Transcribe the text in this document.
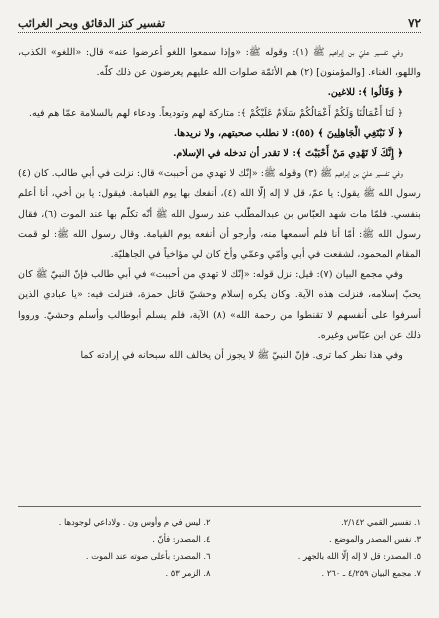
٧٢
تفسير كنز الدقائق وبحر الغرائب

وفي تفسير عليّ بن إبراهيم ﷺ (١): وقوله ﷺ: «وإذا سمعوا اللغو أعرضوا عنه» قال: «اللغو» الكذب، واللهو، الغناء. [والمؤمنون] (٢) هم الأئمّة صلوات الله عليهم يعرضون عن ذلك كلّه.

﴿ وَقَالُوا ﴾: للاغين.

﴿ لَنَا أَعْمَالُنَا وَلَكُمْ أَعْمَالُكُمْ سَلَامٌ عَلَيْكُمْ ﴾: متاركة لهم وتوديعاً. ودعاء لهم بالسلامة عمّا هم فيه.

﴿ لَا نَبْتَغِي الْجَاهِلِينَ ﴾ (٥٥): لا نطلب صحبتهم، ولا نريدها.

﴿ إِنَّكَ لَا تَهْدِي مَنْ أَحْبَبْتَ ﴾: لا تقدر أن تدخله في الإسلام.

وفي تفسير عليّ بن إبراهيم ﷺ (٣) وقوله ﷺ: «إنّك لا تهدي من أحببت» قال: نزلت في أبي طالب. كان (٤) رسول الله ﷺ يقول: يا عمّ، قل لا إله إلّا الله (٤)، أنفعك بها يوم القيامة. فيقول: يا بن أخي، أنا أعلم بنفسي. فلمّا مات شهد العبّاس بن عبدالمطّلب عند رسول الله ﷺ أنّه تكلّم بها عند الموت (٦)، فقال رسول الله ﷺ: أمّا أنا فلم أسمعها منه، وأرجو أن أنفعه يوم القيامة. وقال رسول الله ﷺ: لو قمت المقام المحمود، لشفعت في أبي وأمّي وعمّي وأخ كان لي مؤاخياً في الجاهليّة.

وفي مجمع البيان (٧): قيل: نزل قوله: «إنّك لا تهدي من أحببت» في أبي طالب فإنّ النبيّ ﷺ كان يحبّ إسلامه، فنزلت هذه الآية. وكان يكره إسلام وحشيّ قاتل حمزة، فنزلت فيه: «يا عبادي الذين أسرفوا على أنفسهم لا تقنطوا من رحمة الله» (٨) الآية، فلم يسلم أبوطالب وأسلم وحشيّ. ورووا ذلك عن ابن عبّاس وغيره.

وفي هذا نظر كما ترى. فإنّ النبيّ ﷺ لا يجوز أن يخالف الله سبحانه في إرادته كما

١. تفسير القمي ٢/١٤٢.
٢. ليس في م وأوس ون . ولاداعي لوجودها .
٣. نفس المصدر والموضع .
٤. المصدر: فأنّ .
٥. المصدر: قل لا إله إلّا الله بالجهر .
٦. المصدر: بأعلى صوته عند الموت .
٧. مجمع البيان ٤/٢٥٩ ـ ٢٦٠ .
٨. الزمر ٥٣ .
